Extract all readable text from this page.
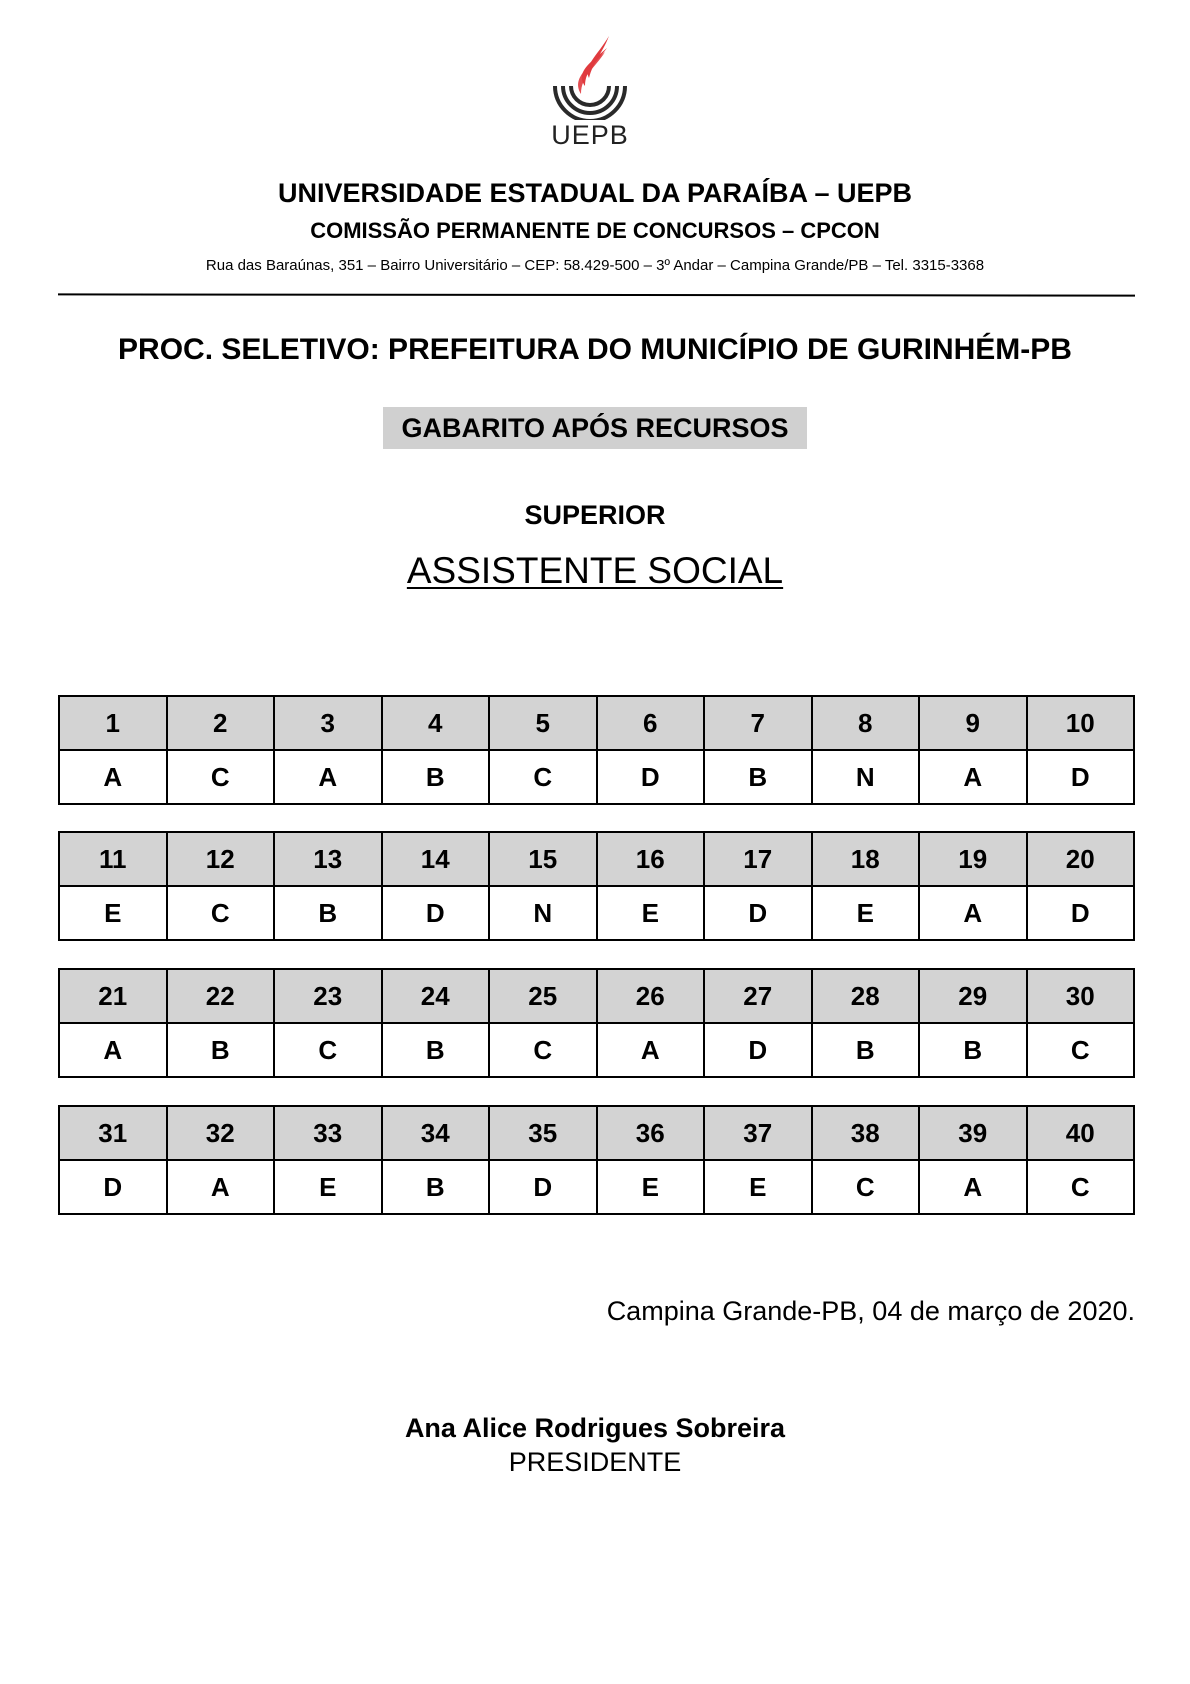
UEPB
UNIVERSIDADE ESTADUAL DA PARAÍBA – UEPB
COMISSÃO PERMANENTE DE CONCURSOS – CPCON
Rua das Baraúnas, 351 – Bairro Universitário – CEP: 58.429-500 – 3º Andar – Campina Grande/PB – Tel. 3315-3368
PROC. SELETIVO: PREFEITURA DO MUNICÍPIO DE GURINHÉM-PB
GABARITO APÓS RECURSOS
SUPERIOR
ASSISTENTE SOCIAL
1	2	3	4	5	6	7	8	9	10
A	C	A	B	C	D	B	N	A	D
11	12	13	14	15	16	17	18	19	20
E	C	B	D	N	E	D	E	A	D
21	22	23	24	25	26	27	28	29	30
A	B	C	B	C	A	D	B	B	C
31	32	33	34	35	36	37	38	39	40
D	A	E	B	D	E	E	C	A	C
Campina Grande-PB, 04 de março de 2020.
Ana Alice Rodrigues Sobreira
PRESIDENTE
